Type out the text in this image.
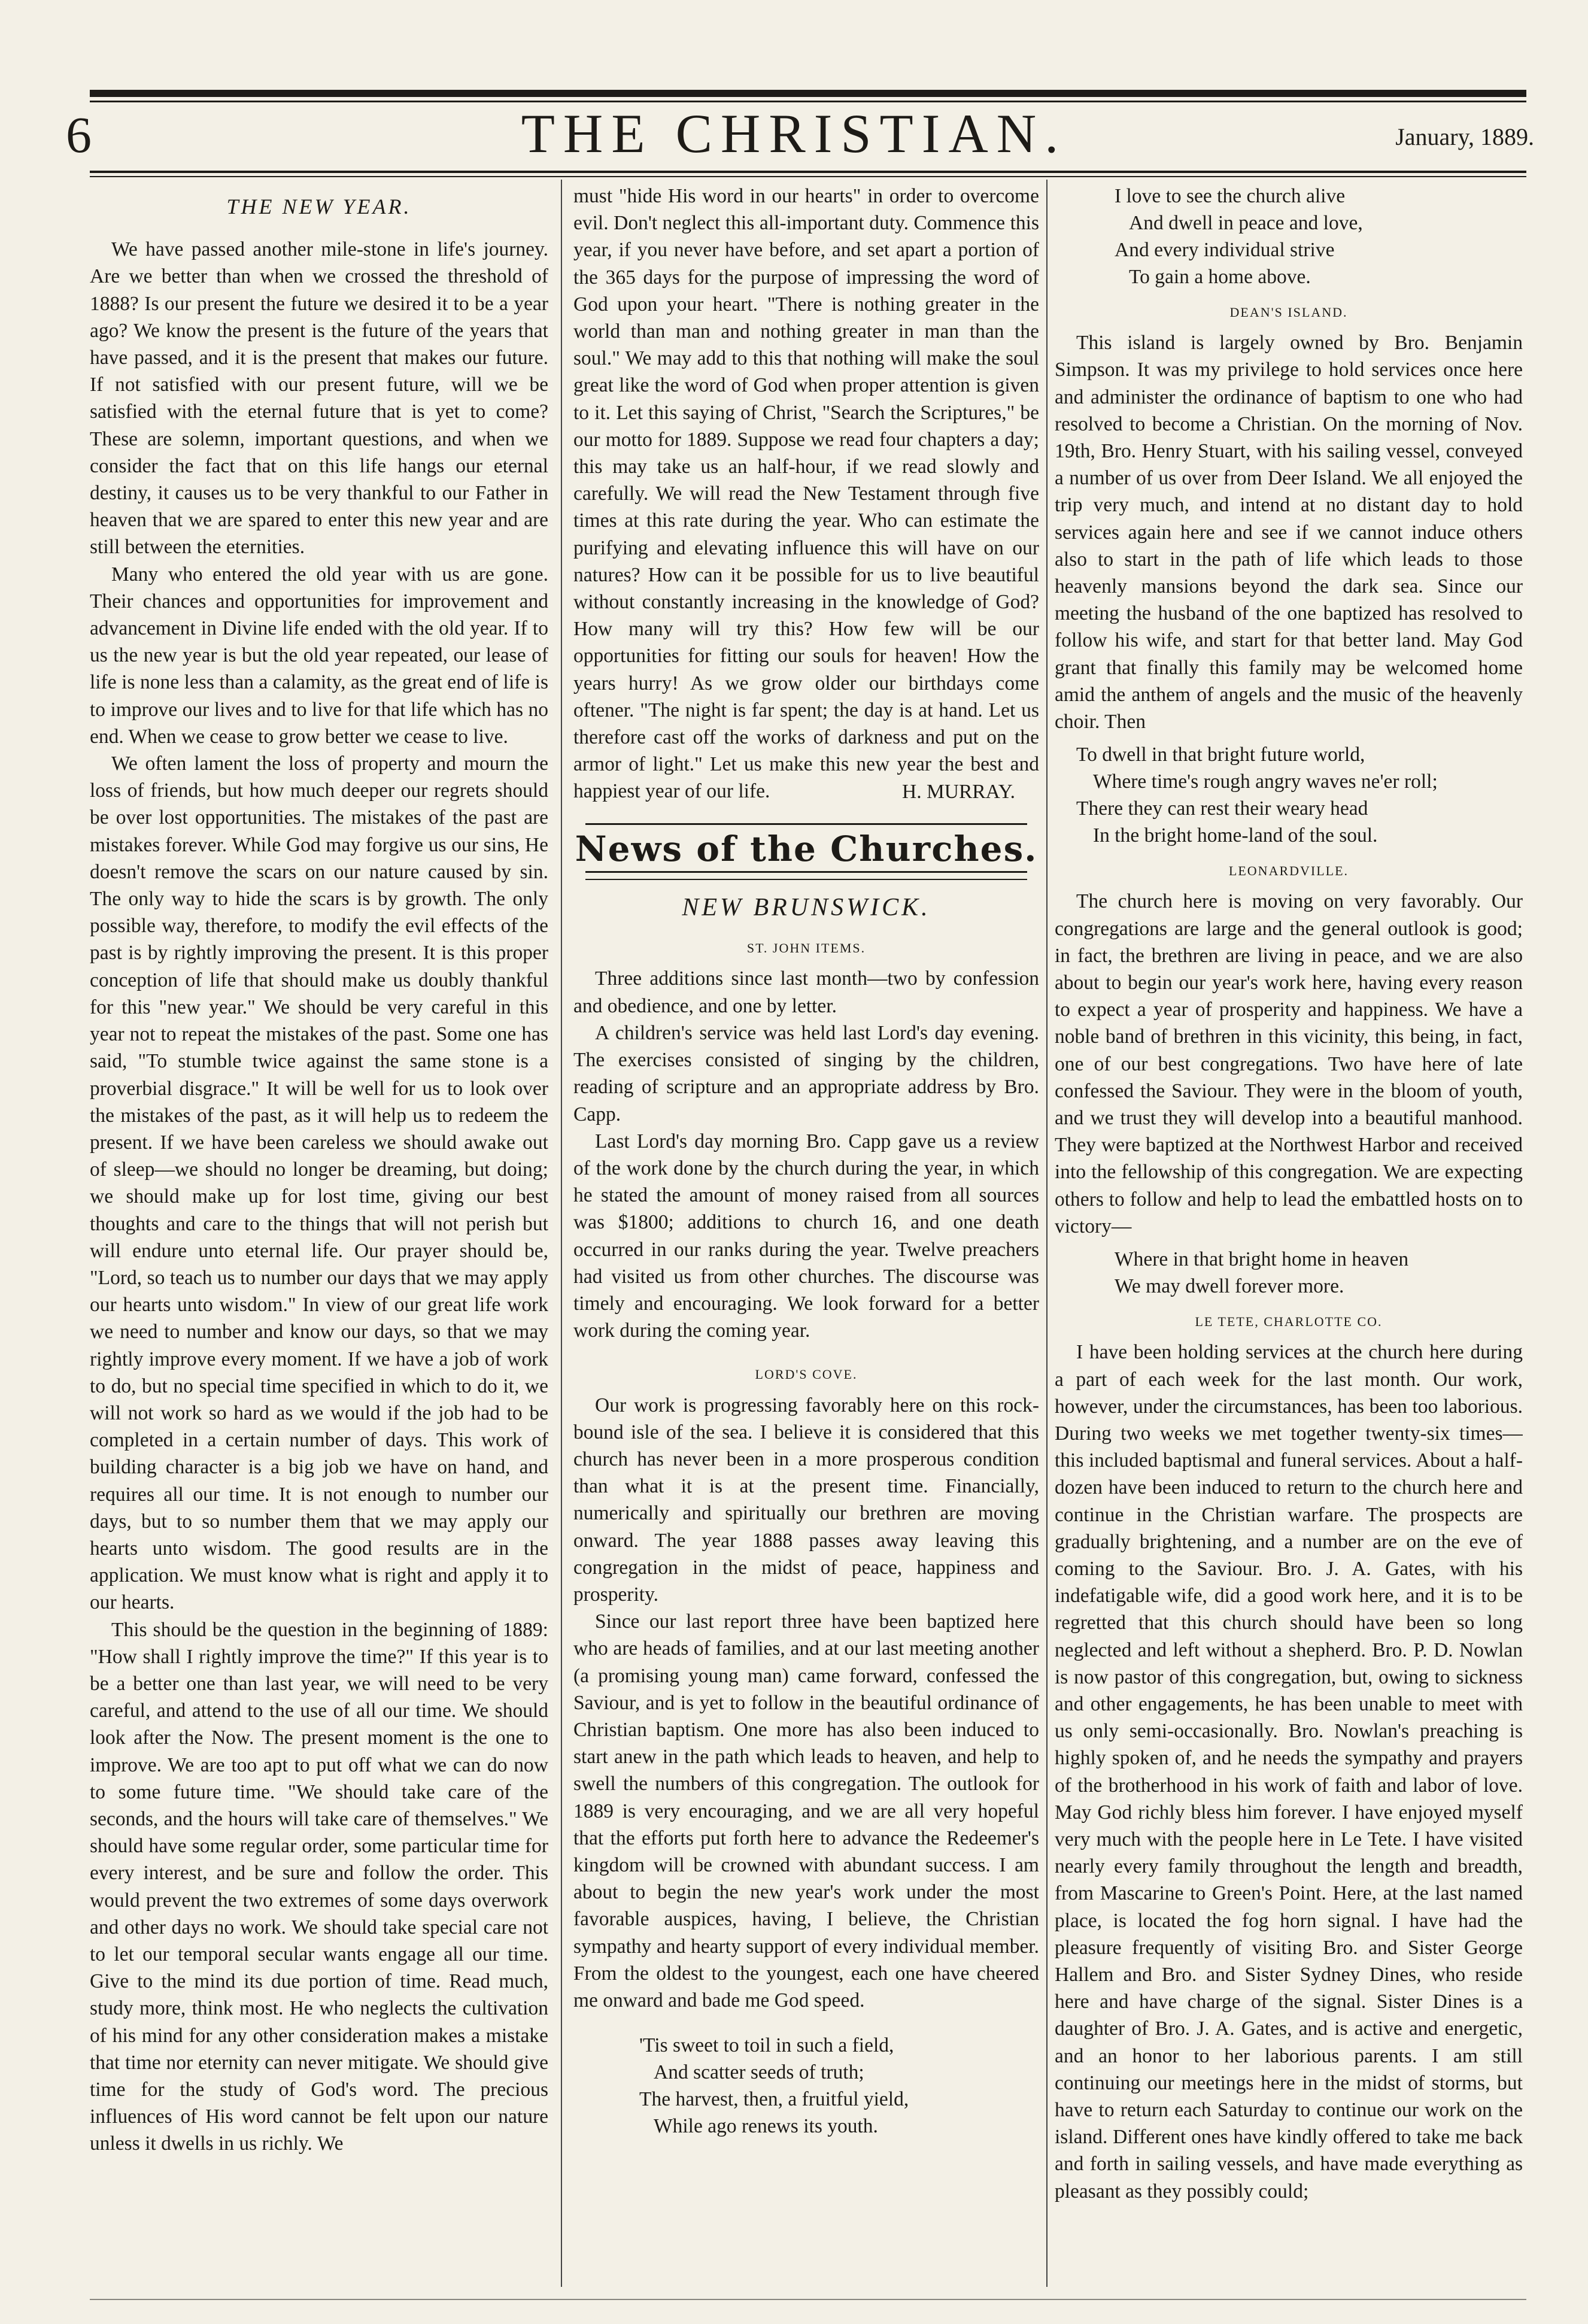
6	THE CHRISTIAN.	January, 1889.
THE NEW YEAR.

We have passed another mile-stone in life's journey. Are we better than when we crossed the threshold of 1888? Is our present the future we desired it to be a year ago? We know the present is the future of the years that have passed, and it is the present that makes our future. If not satisfied with our present future, will we be satisfied with the eternal future that is yet to come? These are solemn, important questions, and when we consider the fact that on this life hangs our eternal destiny, it causes us to be very thankful to our Father in heaven that we are spared to enter this new year and are still between the eternities.

Many who entered the old year with us are gone. Their chances and opportunities for improvement and advancement in Divine life ended with the old year. If to us the new year is but the old year repeated, our lease of life is none less than a calamity, as the great end of life is to improve our lives and to live for that life which has no end. When we cease to grow better we cease to live.

We often lament the loss of property and mourn the loss of friends, but how much deeper our regrets should be over lost opportunities. The mistakes of the past are mistakes forever. While God may forgive us our sins, He doesn't remove the scars on our nature caused by sin. The only way to hide the scars is by growth. The only possible way, therefore, to modify the evil effects of the past is by rightly improving the present. It is this proper conception of life that should make us doubly thankful for this "new year." We should be very careful in this year not to repeat the mistakes of the past. Some one has said, "To stumble twice against the same stone is a proverbial disgrace." It will be well for us to look over the mistakes of the past, as it will help us to redeem the present. If we have been careless we should awake out of sleep—we should no longer be dreaming, but doing; we should make up for lost time, giving our best thoughts and care to the things that will not perish but will endure unto eternal life. Our prayer should be, "Lord, so teach us to number our days that we may apply our hearts unto wisdom." In view of our great life work we need to number and know our days, so that we may rightly improve every moment. If we have a job of work to do, but no special time specified in which to do it, we will not work so hard as we would if the job had to be completed in a certain number of days. This work of building character is a big job we have on hand, and requires all our time. It is not enough to number our days, but to so number them that we may apply our hearts unto wisdom. The good results are in the application. We must know what is right and apply it to our hearts.

This should be the question in the beginning of 1889: "How shall I rightly improve the time?" If this year is to be a better one than last year, we will need to be very careful, and attend to the use of all our time. We should look after the Now. The present moment is the one to improve. We are too apt to put off what we can do now to some future time. "We should take care of the seconds, and the hours will take care of themselves." We should have some regular order, some particular time for every interest, and be sure and follow the order. This would prevent the two extremes of some days overwork and other days no work. We should take special care not to let our temporal secular wants engage all our time. Give to the mind its due portion of time. Read much, study more, think most. He who neglects the cultivation of his mind for any other consideration makes a mistake that time nor eternity can never mitigate. We should give time for the study of God's word. The precious influences of His word cannot be felt upon our nature unless it dwells in us richly. We

must "hide His word in our hearts" in order to overcome evil. Don't neglect this all-important duty. Commence this year, if you never have before, and set apart a portion of the 365 days for the purpose of impressing the word of God upon your heart. "There is nothing greater in the world than man and nothing greater in man than the soul." We may add to this that nothing will make the soul great like the word of God when proper attention is given to it. Let this saying of Christ, "Search the Scriptures," be our motto for 1889. Suppose we read four chapters a day; this may take us an half-hour, if we read slowly and carefully. We will read the New Testament through five times at this rate during the year. Who can estimate the purifying and elevating influence this will have on our natures? How can it be possible for us to live beautiful without constantly increasing in the knowledge of God? How many will try this? How few will be our opportunities for fitting our souls for heaven! How the years hurry! As we grow older our birthdays come oftener. "The night is far spent; the day is at hand. Let us therefore cast off the works of darkness and put on the armor of light." Let us make this new year the best and happiest year of our life.	H. MURRAY.
News of the Churches.
NEW BRUNSWICK.
ST. JOHN ITEMS.

Three additions since last month—two by confession and obedience, and one by letter.

A children's service was held last Lord's day evening. The exercises consisted of singing by the children, reading of scripture and an appropriate address by Bro. Capp.

Last Lord's day morning Bro. Capp gave us a review of the work done by the church during the year, in which he stated the amount of money raised from all sources was $1800; additions to church 16, and one death occurred in our ranks during the year. Twelve preachers had visited us from other churches. The discourse was timely and encouraging. We look forward for a better work during the coming year.

LORD'S COVE.

Our work is progressing favorably here on this rock-bound isle of the sea. I believe it is considered that this church has never been in a more prosperous condition than what it is at the present time. Financially, numerically and spiritually our brethren are moving onward. The year 1888 passes away leaving this congregation in the midst of peace, happiness and prosperity.

Since our last report three have been baptized here who are heads of families, and at our last meeting another (a promising young man) came forward, confessed the Saviour, and is yet to follow in the beautiful ordinance of Christian baptism. One more has also been induced to start anew in the path which leads to heaven, and help to swell the numbers of this congregation. The outlook for 1889 is very encouraging, and we are all very hopeful that the efforts put forth here to advance the Redeemer's kingdom will be crowned with abundant success. I am about to begin the new year's work under the most favorable auspices, having, I believe, the Christian sympathy and hearty support of every individual member. From the oldest to the youngest, each one have cheered me onward and bade me God speed.

'Tis sweet to toil in such a field,
And scatter seeds of truth;
The harvest, then, a fruitful yield,
While ago renews its youth.
I love to see the church alive
And dwell in peace and love,
And every individual strive
To gain a home above.
DEAN'S ISLAND.

This island is largely owned by Bro. Benjamin Simpson. It was my privilege to hold services once here and administer the ordinance of baptism to one who had resolved to become a Christian. On the morning of Nov. 19th, Bro. Henry Stuart, with his sailing vessel, conveyed a number of us over from Deer Island. We all enjoyed the trip very much, and intend at no distant day to hold services again here and see if we cannot induce others also to start in the path of life which leads to those heavenly mansions beyond the dark sea. Since our meeting the husband of the one baptized has resolved to follow his wife, and start for that better land. May God grant that finally this family may be welcomed home amid the anthem of angels and the music of the heavenly choir. Then

To dwell in that bright future world,
Where time's rough angry waves ne'er roll;
There they can rest their weary head
In the bright home-land of the soul.
LEONARDVILLE.

The church here is moving on very favorably. Our congregations are large and the general outlook is good; in fact, the brethren are living in peace, and we are also about to begin our year's work here, having every reason to expect a year of prosperity and happiness. We have a noble band of brethren in this vicinity, this being, in fact, one of our best congregations. Two have here of late confessed the Saviour. They were in the bloom of youth, and we trust they will develop into a beautiful manhood. They were baptized at the Northwest Harbor and received into the fellowship of this congregation. We are expecting others to follow and help to lead the embattled hosts on to victory—

Where in that bright home in heaven
We may dwell forever more.
LE TETE, CHARLOTTE CO.

I have been holding services at the church here during a part of each week for the last month. Our work, however, under the circumstances, has been too laborious. During two weeks we met together twenty-six times—this included baptismal and funeral services. About a half-dozen have been induced to return to the church here and continue in the Christian warfare. The prospects are gradually brightening, and a number are on the eve of coming to the Saviour. Bro. J. A. Gates, with his indefatigable wife, did a good work here, and it is to be regretted that this church should have been so long neglected and left without a shepherd. Bro. P. D. Nowlan is now pastor of this congregation, but, owing to sickness and other engagements, he has been unable to meet with us only semi-occasionally. Bro. Nowlan's preaching is highly spoken of, and he needs the sympathy and prayers of the brotherhood in his work of faith and labor of love. May God richly bless him forever. I have enjoyed myself very much with the people here in Le Tete. I have visited nearly every family throughout the length and breadth, from Mascarine to Green's Point. Here, at the last named place, is located the fog horn signal. I have had the pleasure frequently of visiting Bro. and Sister George Hallem and Bro. and Sister Sydney Dines, who reside here and have charge of the signal. Sister Dines is a daughter of Bro. J. A. Gates, and is active and energetic, and an honor to her laborious parents. I am still continuing our meetings here in the midst of storms, but have to return each Saturday to continue our work on the island. Different ones have kindly offered to take me back and forth in sailing vessels, and have made everything as pleasant as they possibly could;
